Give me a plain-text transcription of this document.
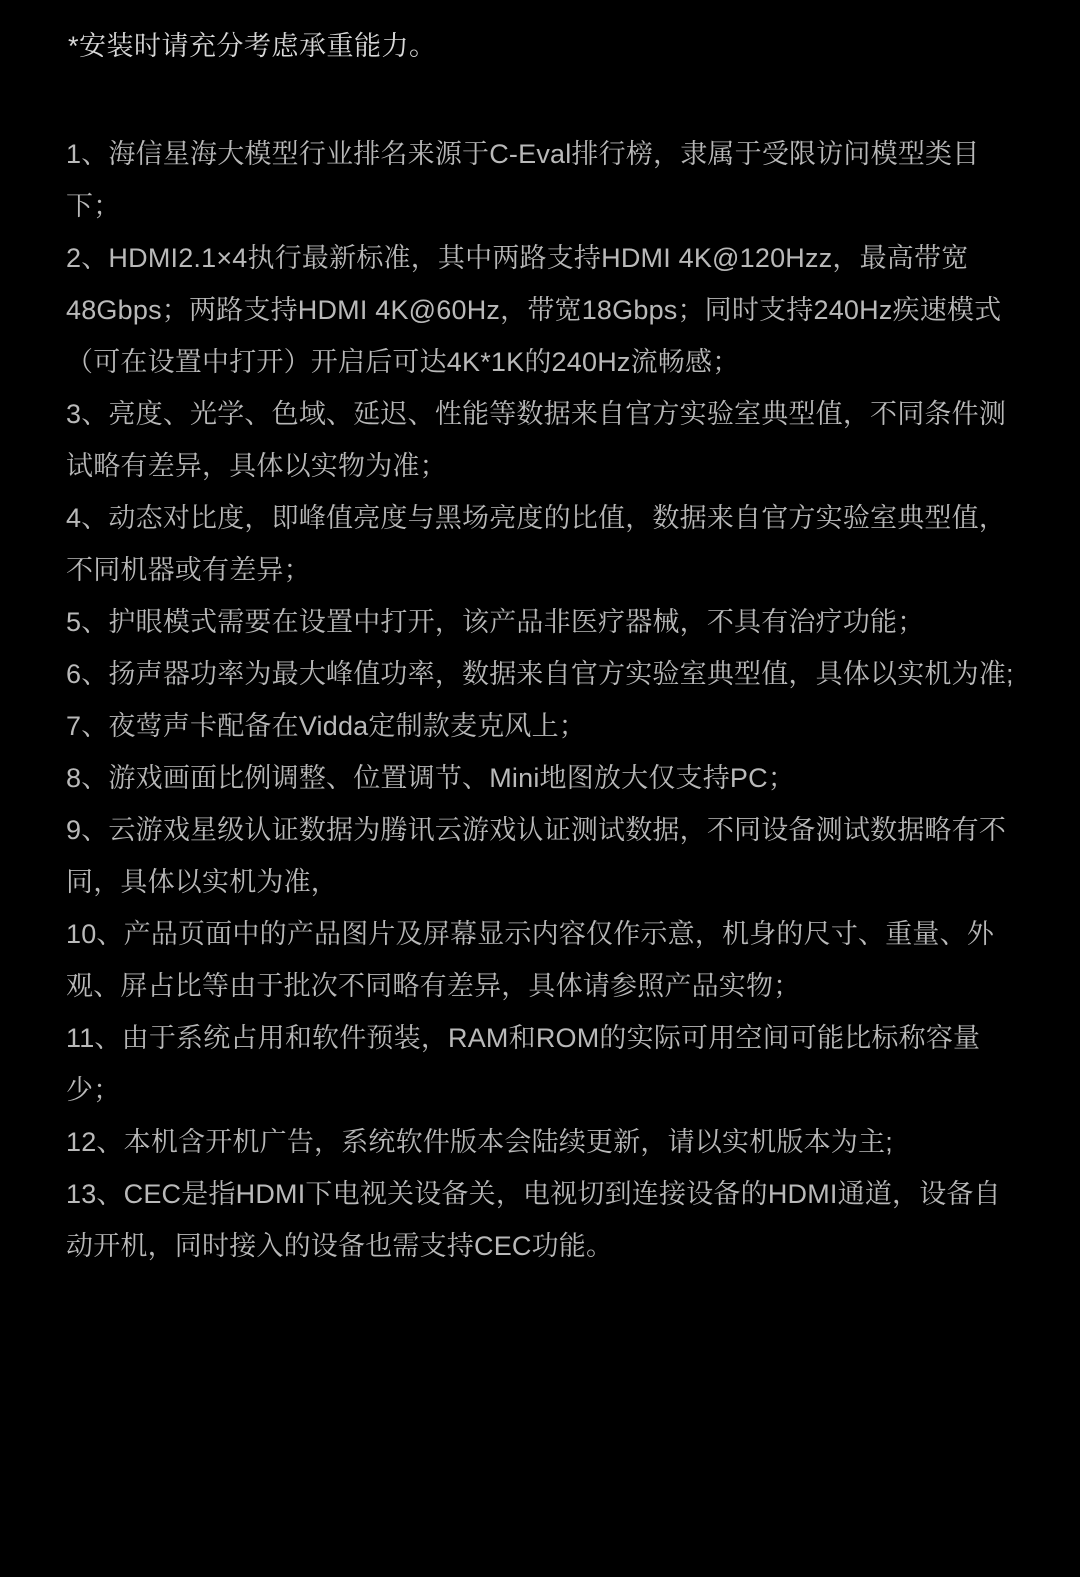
*安装时请充分考虑承重能力。

1、海信星海大模型行业排名来源于C-Eval排行榜，隶属于受限访问模型类目下；

2、HDMI2.1×4执行最新标准，其中两路支持HDMI 4K@120Hzz，最高带宽48Gbps；两路支持HDMI 4K@60Hz，带宽18Gbps；同时支持240Hz疾速模式（可在设置中打开）开启后可达4K*1K的240Hz流畅感；

3、亮度、光学、色域、延迟、性能等数据来自官方实验室典型值，不同条件测试略有差异，具体以实物为准；

4、动态对比度，即峰值亮度与黑场亮度的比值，数据来自官方实验室典型值，不同机器或有差异；

5、护眼模式需要在设置中打开，该产品非医疗器械，不具有治疗功能；

6、扬声器功率为最大峰值功率，数据来自官方实验室典型值，具体以实机为准;

7、夜莺声卡配备在Vidda定制款麦克风上；

8、游戏画面比例调整、位置调节、Mini地图放大仅支持PC；

9、云游戏星级认证数据为腾讯云游戏认证测试数据，不同设备测试数据略有不同，具体以实机为准，

10、产品页面中的产品图片及屏幕显示内容仅作示意，机身的尺寸、重量、外观、屏占比等由于批次不同略有差异，具体请参照产品实物；

11、由于系统占用和软件预装，RAM和ROM的实际可用空间可能比标称容量少；

12、本机含开机广告，系统软件版本会陆续更新，请以实机版本为主;

13、CEC是指HDMI下电视关设备关，电视切到连接设备的HDMI通道，设备自动开机，同时接入的设备也需支持CEC功能。
